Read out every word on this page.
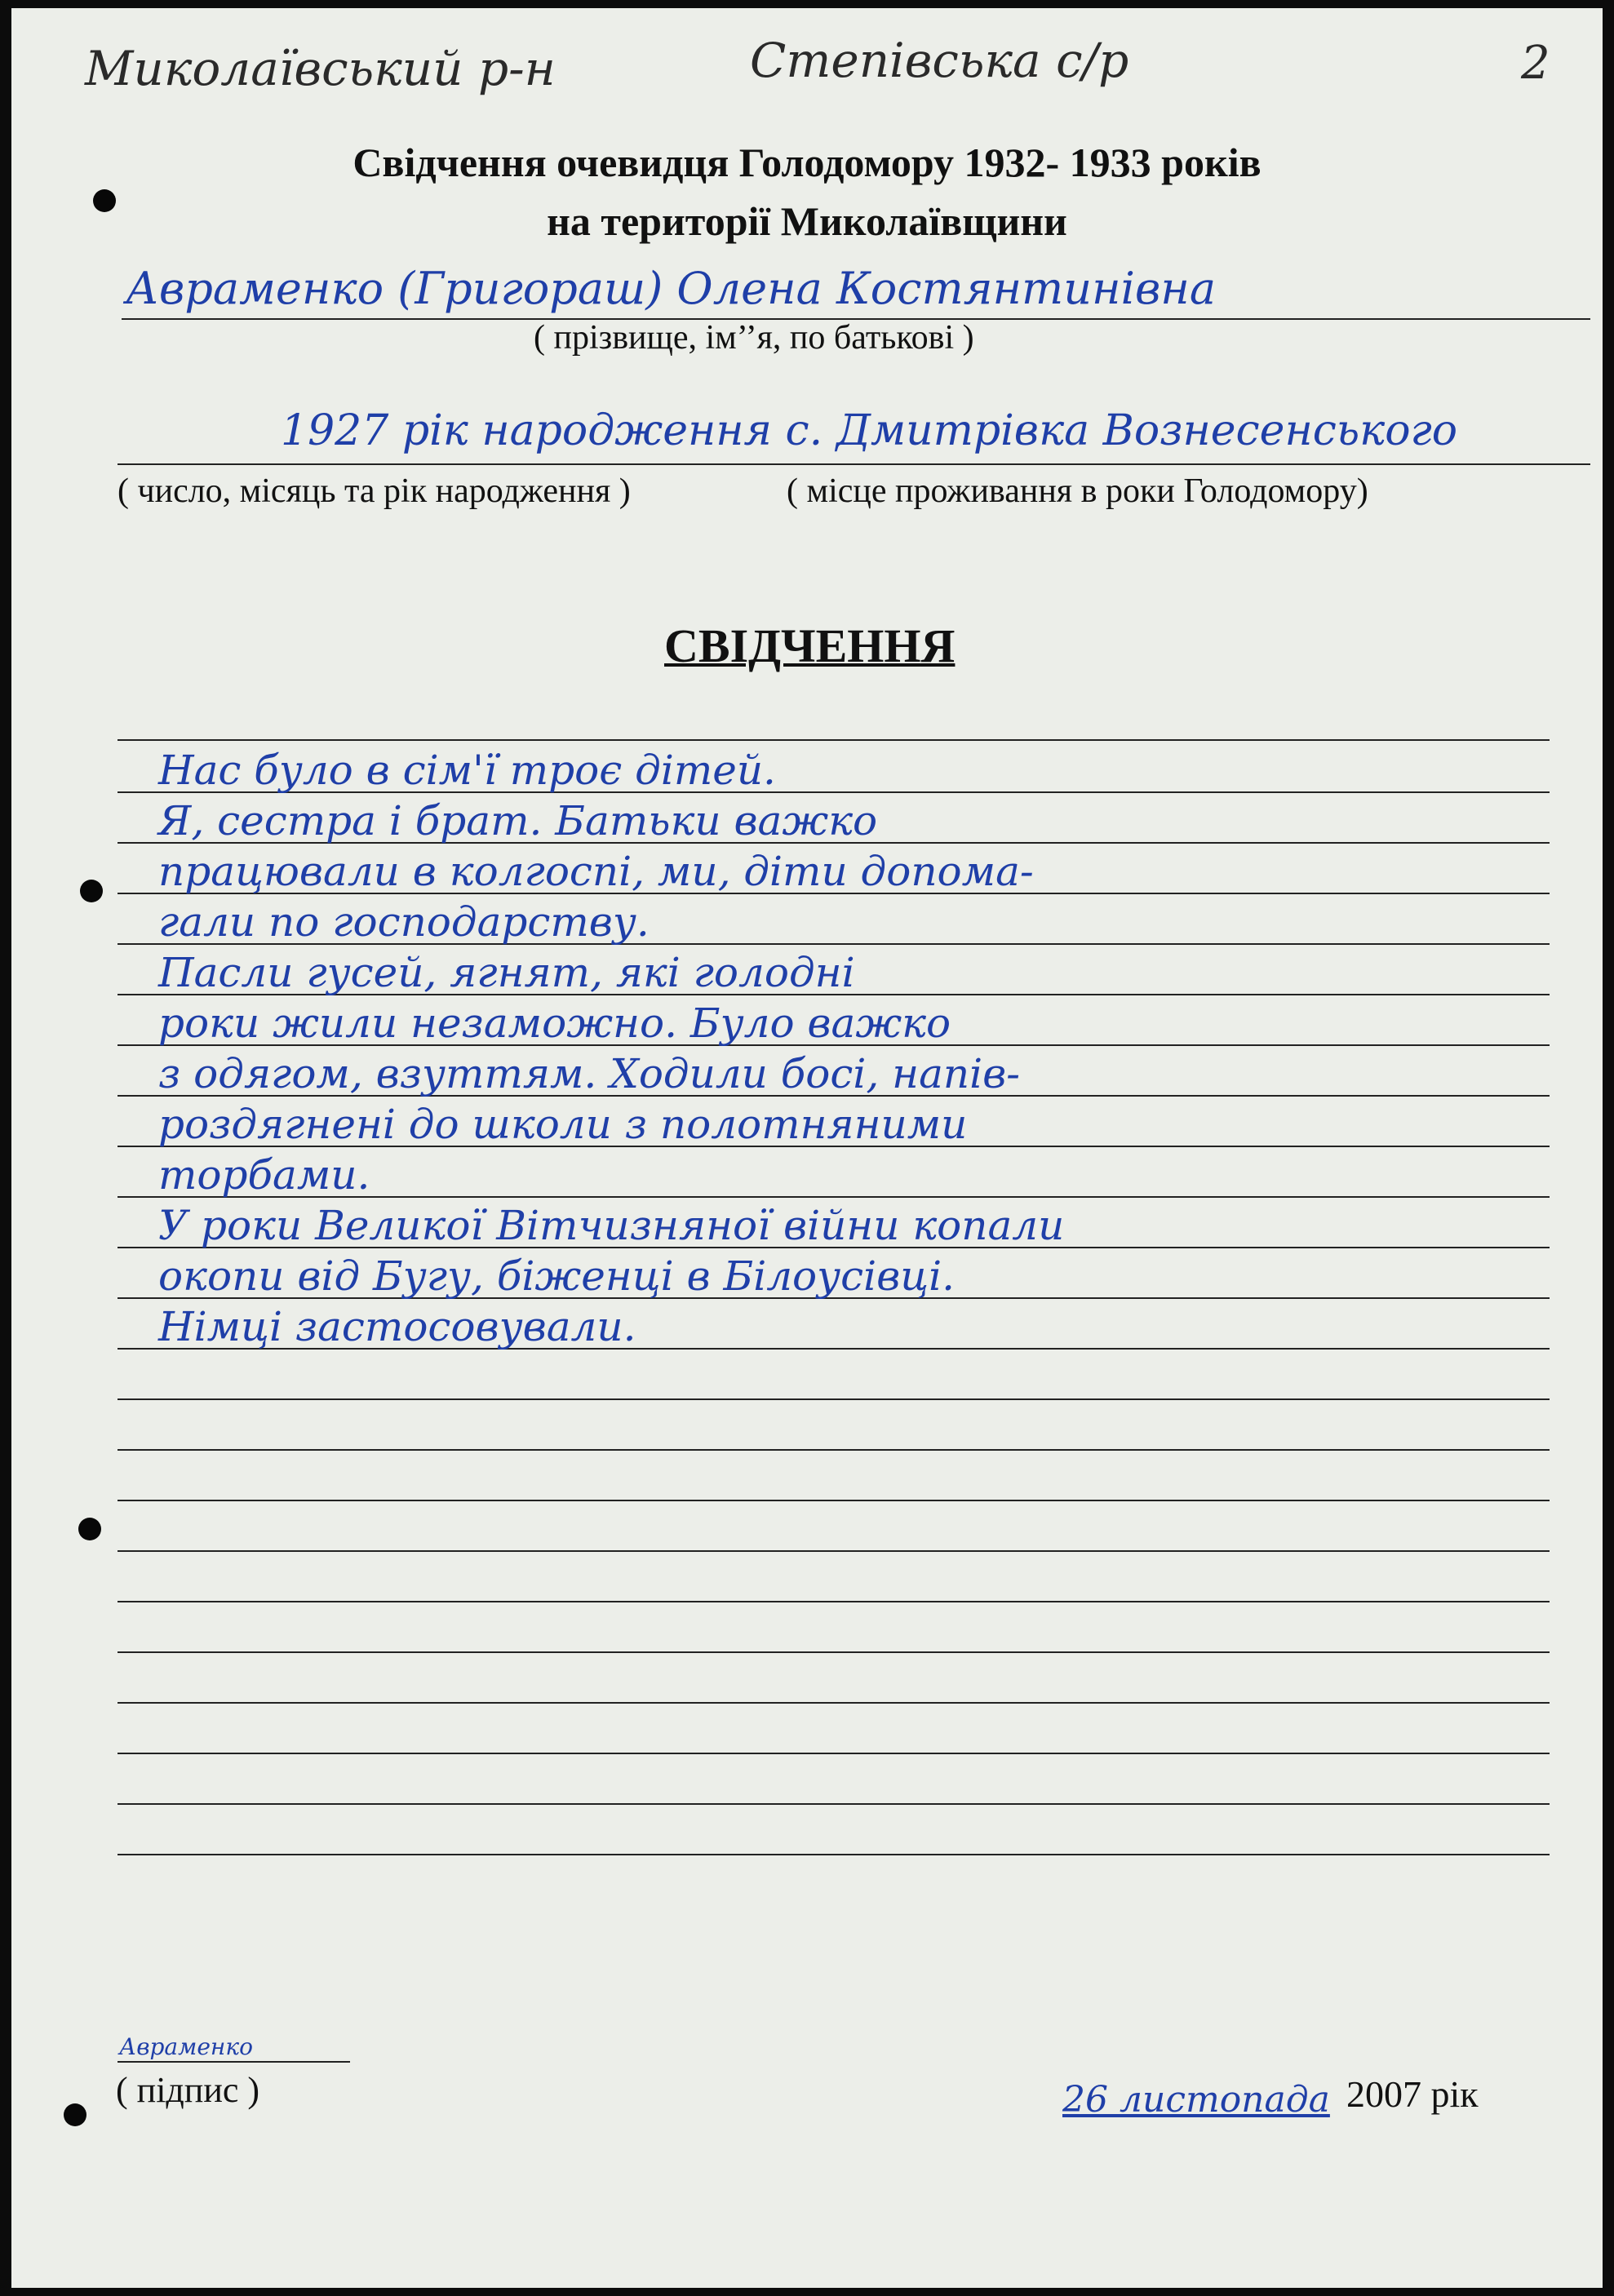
Миколаївський р-н	Степівська с/р	2
Свідчення очевидця Голодомору 1932- 1933 років
на території Миколаївщини
Авраменко (Григораш) Олена Костянтинівна
( прізвище, ім’’я, по батькові )
1927 рік народження с. Дмитрівка Вознесенського
( число, місяць та рік народження )	( місце проживання в роки Голодомору)
СВІДЧЕННЯ
Нас було в сім'ї троє дітей.
Я, сестра і брат. Батьки важко
працювали в колгоспі, ми, діти допома-
гали по господарству.
Пасли гусей, ягнят, які голодні
роки жили незаможно. Було важко
з одягом, взуттям. Ходили босі, напів-
роздягнені до школи з полотняними
торбами.
У роки Великої Вітчизняної війни копали
окопи від Бугу, біженці в Білоусівці.
Німці застосовували.
Авраменко
( підпис )	26 листопада 2007 рік
